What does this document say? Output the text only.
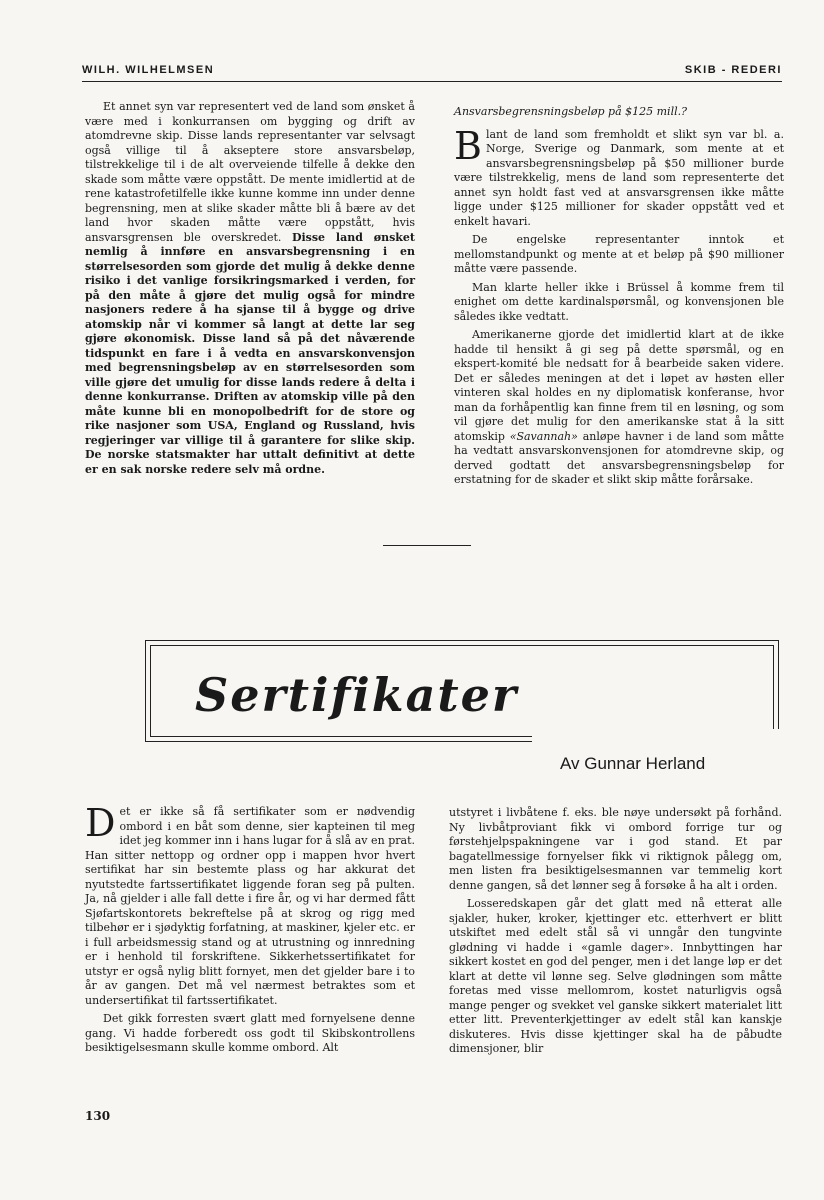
WILH. WILHELMSEN	SKIB - REDERI

Et annet syn var representert ved de land som ønsket å være med i konkurransen om bygging og drift av atomdrevne skip. Disse lands representanter var selvsagt også villige til å akseptere store ansvarsbeløp, tilstrekkelige til i de alt overveiende tilfelle å dekke den skade som måtte være oppstått. De mente imidlertid at de rene katastrofetilfelle ikke kunne komme inn under denne begrensning, men at slike skader måtte bli å bære av det land hvor skaden måtte være oppstått, hvis ansvarsgrensen ble overskredet. Disse land ønsket nemlig å innføre en ansvarsbegrensning i en størrelsesorden som gjorde det mulig å dekke denne risiko i det vanlige forsikringsmarked i verden, for på den måte å gjøre det mulig også for mindre nasjoners redere å ha sjanse til å bygge og drive atomskip når vi kommer så langt at dette lar seg gjøre økonomisk. Disse land så på det nåværende tidspunkt en fare i å vedta en ansvarskonvensjon med begrensningsbeløp av en størrelsesorden som ville gjøre det umulig for disse lands redere å delta i denne konkurranse. Driften av atomskip ville på den måte kunne bli en monopolbedrift for de store og rike nasjoner som USA, England og Russland, hvis regjeringer var villige til å garantere for slike skip. De norske statsmakter har uttalt definitivt at dette er en sak norske redere selv må ordne.

Ansvarsbegrensningsbeløp på $125 mill.?

Blant de land som fremholdt et slikt syn var bl. a. Norge, Sverige og Danmark, som mente at et ansvarsbegrensningsbeløp på $50 millioner burde være tilstrekkelig, mens de land som representerte det annet syn holdt fast ved at ansvarsgrensen ikke måtte ligge under $125 millioner for skader oppstått ved et enkelt havari.

De engelske representanter inntok et mellomstandpunkt og mente at et beløp på $90 millioner måtte være passende.

Man klarte heller ikke i Brüssel å komme frem til enighet om dette kardinalspørsmål, og konvensjonen ble således ikke vedtatt.

Amerikanerne gjorde det imidlertid klart at de ikke hadde til hensikt å gi seg på dette spørsmål, og en ekspert-komité ble nedsatt for å bearbeide saken videre. Det er således meningen at det i løpet av høsten eller vinteren skal holdes en ny diplomatisk konferanse, hvor man da forhåpentlig kan finne frem til en løsning, og som vil gjøre det mulig for den amerikanske stat å la sitt atomskip «Savannah» anløpe havner i de land som måtte ha vedtatt ansvarskonvensjonen for atomdrevne skip, og derved godtatt det ansvarsbegrensningsbeløp for erstatning for de skader et slikt skip måtte forårsake.

Sertifikater
Av Gunnar Herland

Det er ikke så få sertifikater som er nødvendig ombord i en båt som denne, sier kapteinen til meg idet jeg kommer inn i hans lugar for å slå av en prat. Han sitter nettopp og ordner opp i mappen hvor hvert sertifikat har sin bestemte plass og har akkurat det nyutstedte fartssertifikatet liggende foran seg på pulten. Ja, nå gjelder i alle fall dette i fire år, og vi har dermed fått Sjøfartskontorets bekreftelse på at skrog og rigg med tilbehør er i sjødyktig forfatning, at maskiner, kjeler etc. er i full arbeidsmessig stand og at utrustning og innredning er i henhold til forskriftene. Sikkerhetssertifikatet for utstyr er også nylig blitt fornyet, men det gjelder bare i to år av gangen. Det må vel nærmest betraktes som et undersertifikat til fartssertifikatet.

Det gikk forresten svært glatt med fornyelsene denne gang. Vi hadde forberedt oss godt til Skibskontrollens besiktigelsesmann skulle komme ombord. Alt

utstyret i livbåtene f. eks. ble nøye undersøkt på forhånd. Ny livbåtproviant fikk vi ombord forrige tur og førstehjelpspakningene var i god stand. Et par bagatellmessige fornyelser fikk vi riktignok pålegg om, men listen fra besiktigelsesmannen var temmelig kort denne gangen, så det lønner seg å forsøke å ha alt i orden.

Losseredskapen går det glatt med nå etterat alle sjakler, huker, kroker, kjettinger etc. etterhvert er blitt utskiftet med edelt stål så vi unngår den tungvinte glødning vi hadde i «gamle dager». Innbyttingen har sikkert kostet en god del penger, men i det lange løp er det klart at dette vil lønne seg. Selve glødningen som måtte foretas med visse mellomrom, kostet naturligvis også mange penger og svekket vel ganske sikkert materialet litt etter litt. Preventerkjettinger av edelt stål kan kanskje diskuteres. Hvis disse kjettinger skal ha de påbudte dimensjoner, blir

130
